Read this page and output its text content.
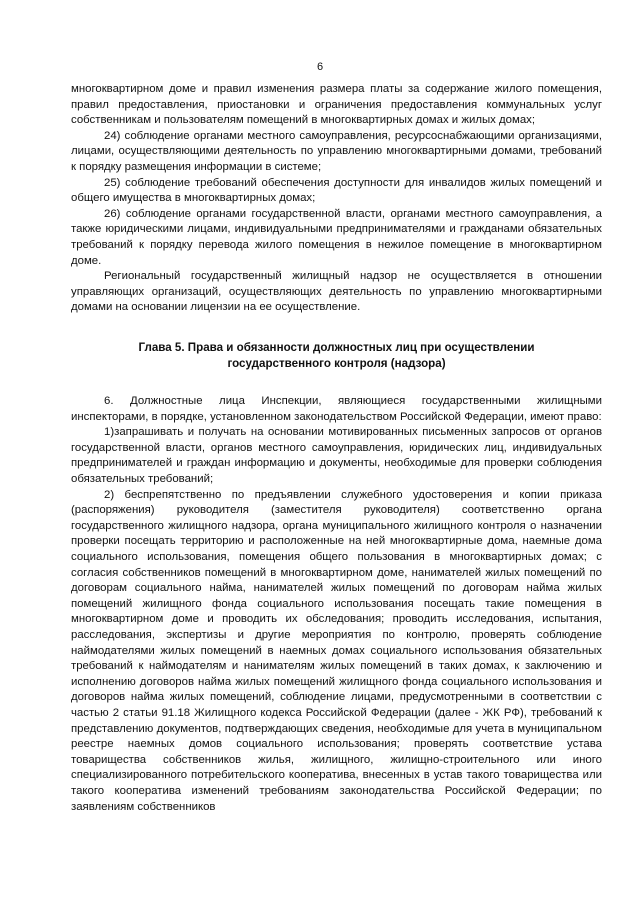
6

многоквартирном доме и правил изменения размера платы за содержание жилого помещения, правил предоставления, приостановки и ограничения предоставления коммунальных услуг собственникам и пользователям помещений в многоквартирных домах и жилых домах;

24) соблюдение органами местного самоуправления, ресурсоснабжающими организациями, лицами, осуществляющими деятельность по управлению многоквартирными домами, требований к порядку размещения информации в системе;

25) соблюдение требований обеспечения доступности для инвалидов жилых помещений и общего имущества в многоквартирных домах;

26) соблюдение органами государственной власти, органами местного самоуправления, а также юридическими лицами, индивидуальными предпринимателями и гражданами обязательных требований к порядку перевода жилого помещения в нежилое помещение в многоквартирном доме.

Региональный государственный жилищный надзор не осуществляется в отношении управляющих организаций, осуществляющих деятельность по управлению многоквартирными домами на основании лицензии на ее осуществление.

Глава 5. Права и обязанности должностных лиц при осуществлении
государственного контроля (надзора)

6. Должностные лица Инспекции, являющиеся государственными жилищными инспекторами, в порядке, установленном законодательством Российской Федерации, имеют право:

1)запрашивать и получать на основании мотивированных письменных запросов от органов государственной власти, органов местного самоуправления, юридических лиц, индивидуальных предпринимателей и граждан информацию и документы, необходимые для проверки соблюдения обязательных требований;

2) беспрепятственно по предъявлении служебного удостоверения и копии приказа (распоряжения) руководителя (заместителя руководителя) соответственно органа государственного жилищного надзора, органа муниципального жилищного контроля о назначении проверки посещать территорию и расположенные на ней многоквартирные дома, наемные дома социального использования, помещения общего пользования в многоквартирных домах; с согласия собственников помещений в многоквартирном доме, нанимателей жилых помещений по договорам социального найма, нанимателей жилых помещений по договорам найма жилых помещений жилищного фонда социального использования посещать такие помещения в многоквартирном доме и проводить их обследования; проводить исследования, испытания, расследования, экспертизы и другие мероприятия по контролю, проверять соблюдение наймодателями жилых помещений в наемных домах социального использования обязательных требований к наймодателям и нанимателям жилых помещений в таких домах, к заключению и исполнению договоров найма жилых помещений жилищного фонда социального использования и договоров найма жилых помещений, соблюдение лицами, предусмотренными в соответствии с частью 2 статьи 91.18 Жилищного кодекса Российской Федерации (далее - ЖК РФ), требований к представлению документов, подтверждающих сведения, необходимые для учета в муниципальном реестре наемных домов социального использования; проверять соответствие устава товарищества собственников жилья, жилищного, жилищно-строительного или иного специализированного потребительского кооператива, внесенных в устав такого товарищества или такого кооператива изменений требованиям законодательства Российской Федерации; по заявлениям собственников
